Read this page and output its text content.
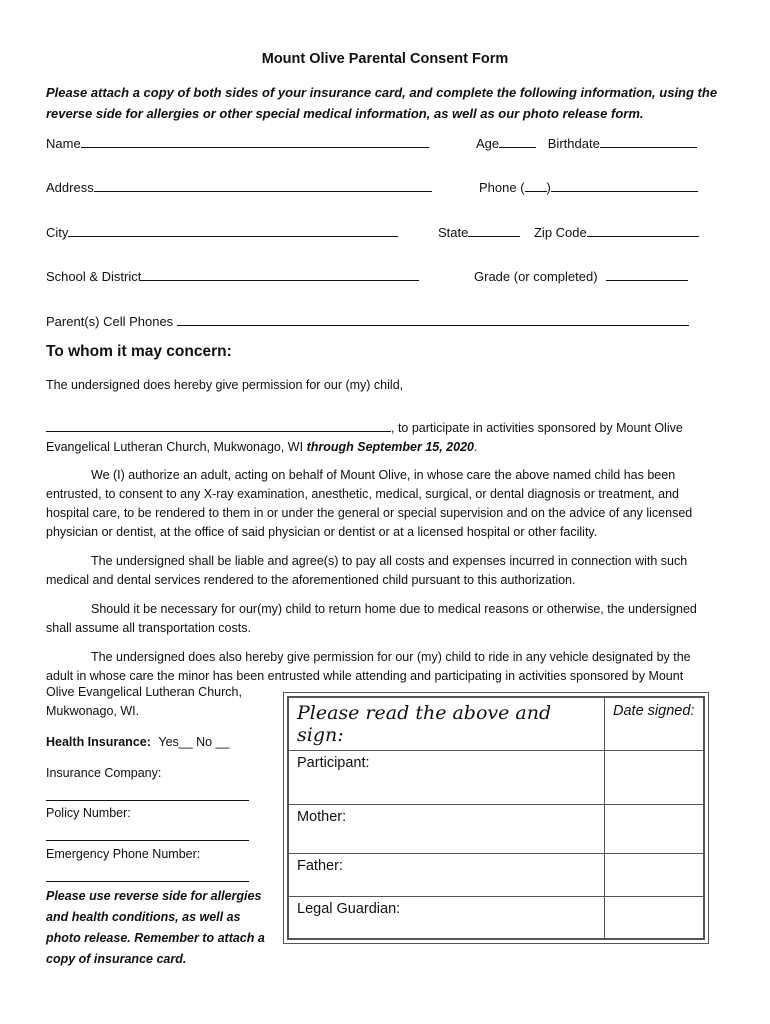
Mount Olive Parental Consent Form
Please attach a copy of both sides of your insurance card, and complete the following information, using the reverse side for allergies or other special medical information, as well as our photo release form.
Name	Age	Birthdate
Address	Phone ( )
City	State	Zip Code
School & District	Grade (or completed)
Parent(s) Cell Phones
To whom it may concern:
The undersigned does hereby give permission for our (my) child,
, to participate in activities sponsored by Mount Olive
Evangelical Lutheran Church, Mukwonago, WI through September 15, 2020.
We (I) authorize an adult, acting on behalf of Mount Olive, in whose care the above named child has been entrusted, to consent to any X-ray examination, anesthetic, medical, surgical, or dental diagnosis or treatment, and hospital care, to be rendered to them in or under the general or special supervision and on the advice of any licensed physician or dentist, at the office of said physician or dentist or at a licensed hospital or other facility.
The undersigned shall be liable and agree(s) to pay all costs and expenses incurred in connection with such medical and dental services rendered to the aforementioned child pursuant to this authorization.
Should it be necessary for our(my) child to return home due to medical reasons or otherwise, the undersigned shall assume all transportation costs.
The undersigned does also hereby give permission for our (my) child to ride in any vehicle designated by the adult in whose care the minor has been entrusted while attending and participating in activities sponsored by Mount
Olive Evangelical Lutheran Church,
Mukwonago, WI.
Health Insurance: Yes__ No __
Insurance Company:
Policy Number:
Emergency Phone Number:
Please use reverse side for allergies and health conditions, as well as photo release. Remember to attach a copy of insurance card.
Please read the above and sign:	Date signed:
Participant:	
Mother:	
Father:	
Legal Guardian:	
